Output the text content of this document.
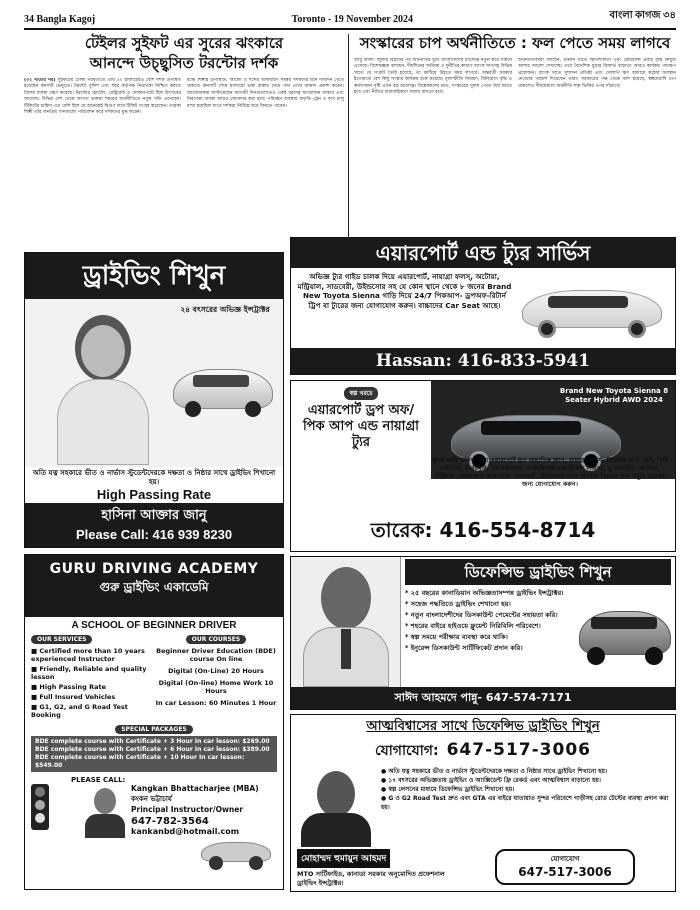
34 Bangla Kagoj	Toronto - 19 November 2024	বাংলা কাগজ ৩৪
টেইলর সুইফট এর সুরের ঝংকারে
আনন্দে উচ্ছ্বসিত টরন্টোর দর্শক
(৩২ পাতার পর) সুইফটের টোকা পরবর্তীতে প্রায় ৫০ হাজারেরও বেশি দর্শক উপস্থিত হয়েছেন কনসার্ট ভেন্যুতে। টরন্টো পুলিশ এবং শহর কর্তৃপক্ষ নিরাপত্তা নিশ্চিত করতে বিশেষ ব্যবস্থা গ্রহণ করেছে। টরন্টোর হোটেল, রেস্টুরেন্ট ও দোকানপাটে ছিল উৎসবের আমেজ। বিভিন্ন দেশ থেকে আগত ভক্তরা শহরের অর্থনীতিতে নতুন গতি এনেছেন। টিকিটের চাহিদা এত বেশি ছিল যে অনেকেই দ্বিগুণ দামে টিকিট সংগ্রহ করেছেন। তারকা শিল্পী তাঁর জনপ্রিয় গানগুলো পরিবেশন করে দর্শকদের মুগ্ধ করেন।
মঞ্চে শিল্পীর উপস্থিতি, আলো ও শব্দের অসাধারণ সমন্বয় দর্শকদের মনে দীর্ঘদিন গেঁথে থাকবে। কনসার্ট শেষে হাজারো ভক্ত রাস্তায় নেমে গান গেয়ে আনন্দ প্রকাশ করেন। আয়োজকরা জানিয়েছেন আগামী দিনগুলোতেও একই ধরনের আয়োজন থাকবে এবং নিরাপত্তা ব্যবস্থা আরও জোরদার করা হবে। পরিবহন ব্যবস্থায় বাড়তি ট্রেন ও বাস চালু রাখা হয়েছিল যাতে দর্শকরা নির্বিঘ্নে ঘরে ফিরতে পারেন।
সংস্কারের চাপ অর্থনীতিতে : ফল পেতে সময় লাগবে
আবু আলী: জুলাই বিপ্লবের পর অর্থনীতির মুখে বাংলাদেশের চ্যালেঞ্জ নতুন করে সামনে এসেছে। বিশেষজ্ঞরা বলছেন, দীর্ঘদিনের অনিয়ম ও দুর্নীতির কারণে ব্যাংক খাতসহ বিভিন্ন খাতে যে সংকট তৈরি হয়েছে, তা কাটিয়ে উঠতে সময় লাগবে। অন্তর্বর্তী সরকার ইতোমধ্যে বেশ কিছু সংস্কার কার্যক্রম শুরু করেছে। মূল্যস্ফীতি নিয়ন্ত্রণ, বিনিয়োগ বৃদ্ধি ও কর্মসংস্থান সৃষ্টি এখন বড় চ্যালেঞ্জ। বিশ্লেষকদের মতে, সংস্কারের সুফল পেতে ধৈর্য ধরতে হবে এবং নীতির ধারাবাহিকতা বজায় রাখতে হবে।
অর্থনীতিবিদরা বলছেন, রপ্তানি খাতে স্থিতিশীলতা এবং রেমিট্যান্স প্রবাহ বৃদ্ধি কিছুটা আশার আলো দেখাচ্ছে। তবে বৈদেশিক মুদ্রার রিজার্ভ বাড়াতে আরও কার্যকর পদক্ষেপ প্রয়োজন। ব্যাংক খাতে সুশাসন প্রতিষ্ঠা এবং খেলাপি ঋণ আদায়ে কঠোর অবস্থান নেওয়ার পরামর্শ দিয়েছেন তারা। সরকারের পক্ষ থেকে বলা হয়েছে, স্বল্পমেয়াদি চাপ থাকলেও দীর্ঘমেয়াদে অর্থনীতি শক্ত ভিত্তির ওপর দাঁড়াবে।
এয়ারপোর্ট এন্ড ট্যুর সার্ভিস
অভিজ্ঞ ট্যুর গাইড চালক দিয়ে এয়ারপোর্ট, নায়াগ্রা ফলস্‌, অটোয়া, মন্ট্রিয়াল, সাডবেরী, উইন্ডসোর সহ যে কোন স্থানে থেকে ৮ জনের Brand New Toyota Sienna গাড়ি দিয়ে 24/7 পিকআপ- ড্রপঅফ-রিটার্ন ট্রিপ বা ট্যুরের জন্য যোগাযোগ করুন। বাচ্চাদের Car Seat আছে।
Hassan: 416-833-5941
ড্রাইভিং শিখুন
২৪ বৎসরের অভিজ্ঞ ইন্সট্রাক্টর
অতি যত্ন সহকারে ভীত ও নার্ভাস স্টুডেন্টদেরকে দক্ষতা ও নিষ্ঠার সাথে ড্রাইভিং শিখানো হয়।
High Passing Rate
হাসিনা আক্তার জানু
Please Call: 416 939 8230
স্বল্প খরচে
এয়ারপোর্ট ড্রপ অফ/ পিক আপ এন্ড নায়াগ্রা ট্যুর
Brand New Toyota Sienna 8 Seater Hybrid AWD 2024
সুদক্ষ গাড়ি চালক দিয়ে এয়ারপোর্ট ড্রপ অফ/পিক আপ, নায়াগ্রা ফলস্‌, টরন্টোর বেস্ট প্লেস, সিটি সাইটসিং, টবেরমুরি, ওয়াটারফল্‌স, সাফারিপার্ক (আফ্রিকান লায়ন), ব্লু মাউন্টেন, অটোয়া, মন্ট্রিয়াল, থাউজেন্ড আয়ল্যান্ড, সাডবেরী, উইন্ডসোর এবং অন্যান্য বিখ্যাত স্থান সমূহে ভ্রমণের জন্য যোগাযোগ করুন।
তারেক: 416-554-8714
GURU DRIVING ACADEMY
গুরু ড্রাইভিং একাডেমি
A SCHOOL OF BEGINNER DRIVER
OUR SERVICES
■ Certified more than 10 years experienced Instructor
■ Friendly, Reliable and quality lesson
■ High Passing Rate
■ Full Insured Vehicles
■ G1, G2, and G Road Test Booking
OUR COURSES
Beginner Driver Education (BDE) course On line
Digital (On-Line) 20 Hours
Digital (On-line) Home Work 10 Hours
In car Lesson: 60 Minutes 1 Hour
SPECIAL PACKAGES
BDE complete course with Certificate + 3 Hour In car lesson: $269.00
BDE complete course with Certificate + 6 Hour In car lesson: $389.00
BDE complete course with Certificate + 10 Hour In car lesson: $549.00
PLEASE CALL:
Kangkan Bhattacharjee (MBA)
কংকন ভট্টাচার্য
Principal Instructor/Owner
647-782-3564
kankanbd@hotmail.com
ডিফেন্সিভ ড্রাইভিং শিখুন
* ২৫ বছরের কানাডিয়ান অভিজ্ঞতাসম্পন্ন ড্রাইভিং ইন্সট্রাক্টর।
* সহেজ পদ্ধতিতে ড্রাইভিং শেখানো হয়।
* নতুন বাংলাদেশীদের ডিসকাউন্ট পেমেন্টের সহায়তা করি।
* শহরের বাইরে হাইওয়ে ফ্লুয়েন্ট নিরিবিলি পরিবেশে।
* স্বল্প সময়ে পরীক্ষার ব্যবস্থা করে থাকি।
* ইনুরেন্স ডিসকাউন্ট সার্টিফিকেট প্রদান করি।
সাঈদ আহমদে পান্নু- 647-574-7171
আত্মবিশ্বাসের সাথে ডিফেন্সিভ ড্রাইভিং শিখুন
যোগাযোগ: 647-517-3006
● অতি যত্ন সহকারে ভীত ও নার্ভাস স্টুডেন্টদেরকে দক্ষতা ও নিষ্ঠার সাথে ড্রাইভিং শিখানো হয়।
● ১৭ বৎসরের অভিজ্ঞতায় ড্রাইভিং ও অ্যাক্সিডেন্ট ফ্রি রেকর্ড এবং আত্মবিশ্বাস বাড়ানো হয়।
● স্বল্প লেসনের মাধ্যমে ডিফেন্সিভ ড্রাইভিং শিখানো হয়।
● G ও G2 Road Test দ্রুত এবং GTA এর বাইরে যাতায়াত সুন্দর পরিবেশে গাড়ীসহ রোড টেস্টের ব্যবস্থা প্রদান করা হয়।
মোহাম্মদ হুমায়ুন আহমদ
MTO সার্টিফাইড, কানাডা সরকার অনুমোদিত প্রফেশনাল ড্রাইভিং ইন্সট্রাক্টর।
যোগাযোগ
647-517-3006
